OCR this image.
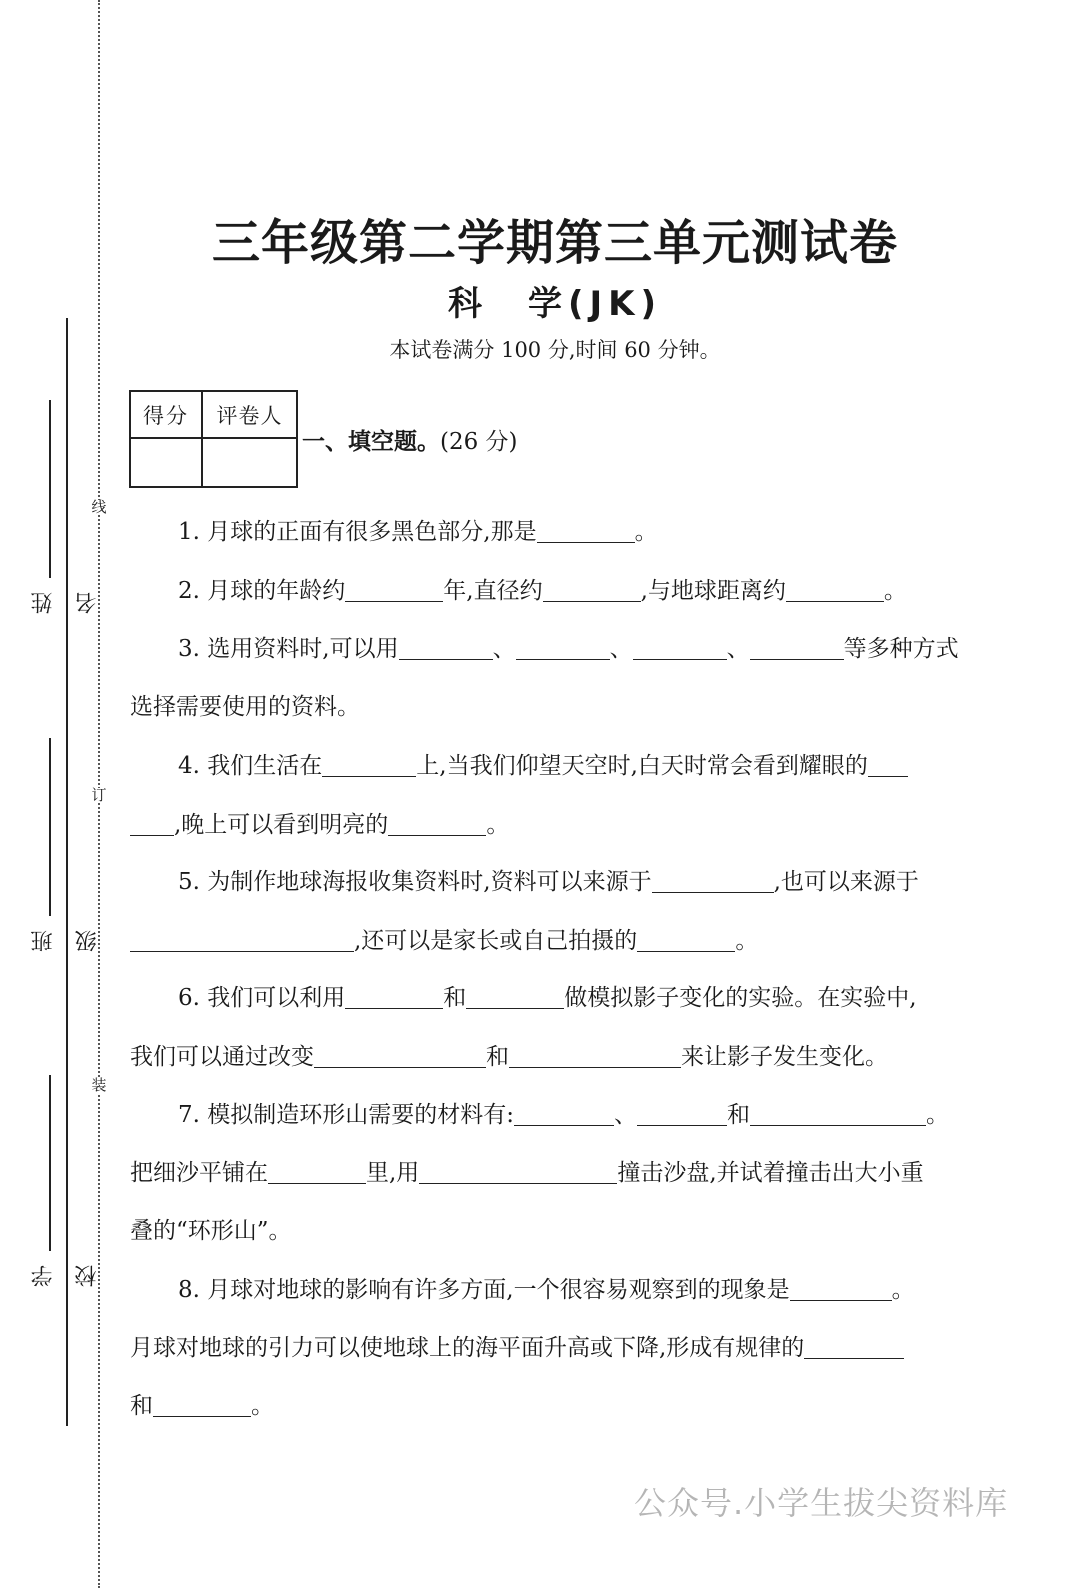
线
订
装
姓名
班级
学校
三年级第二学期第三单元测试卷
科　学(JK)
本试卷满分 100 分,时间 60 分钟。
得分	评卷人
一、填空题。(26 分)
1. 月球的正面有很多黑色部分,那是	。
2. 月球的年龄约	年,直径约	,与地球距离约	。
3. 选用资料时,可以用	、	、	、	等多种方式
选择需要使用的资料。
4. 我们生活在	上,当我们仰望天空时,白天时常会看到耀眼的
,晚上可以看到明亮的	。
5. 为制作地球海报收集资料时,资料可以来源于	,也可以来源于
,还可以是家长或自己拍摄的	。
6. 我们可以利用	和	做模拟影子变化的实验。在实验中,
我们可以通过改变	和	来让影子发生变化。
7. 模拟制造环形山需要的材料有:	、	和	。
把细沙平铺在	里,用	撞击沙盘,并试着撞击出大小重
叠的“环形山”。
8. 月球对地球的影响有许多方面,一个很容易观察到的现象是	。
月球对地球的引力可以使地球上的海平面升高或下降,形成有规律的
和	。
公众号.小学生拔尖资料库
